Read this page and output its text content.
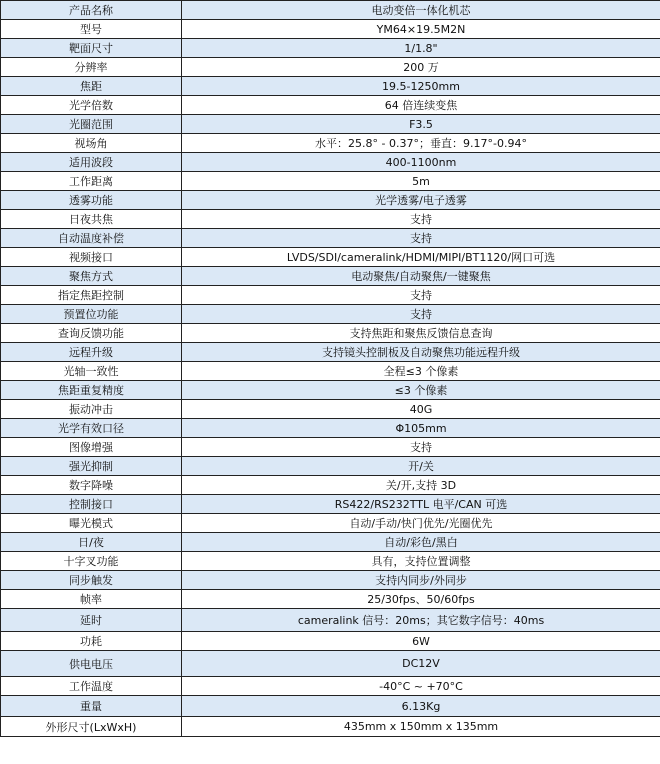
产品名称	电动变倍一体化机芯
型号	YM64×19.5M2N
靶面尺寸	1/1.8"
分辨率	200 万
焦距	19.5-1250mm
光学倍数	64 倍连续变焦
光圈范围	F3.5
视场角	水平：25.8° - 0.37°；垂直：9.17°-0.94°
适用波段	400-1100nm
工作距离	5m
透雾功能	光学透雾/电子透雾
日夜共焦	支持
自动温度补偿	支持
视频接口	LVDS/SDI/cameralink/HDMI/MIPI/BT1120/网口可选
聚焦方式	电动聚焦/自动聚焦/一键聚焦
指定焦距控制	支持
预置位功能	支持
查询反馈功能	支持焦距和聚焦反馈信息查询
远程升级	支持镜头控制板及自动聚焦功能远程升级
光轴一致性	全程≤3 个像素
焦距重复精度	≤3 个像素
振动冲击	40G
光学有效口径	Φ105mm
图像增强	支持
强光抑制	开/关
数字降噪	关/开,支持 3D
控制接口	RS422/RS232TTL 电平/CAN 可选
曝光模式	自动/手动/快门优先/光圈优先
日/夜	自动/彩色/黑白
十字叉功能	具有，支持位置调整
同步触发	支持内同步/外同步
帧率	25/30fps、50/60fps
延时	cameralink 信号：20ms；其它数字信号：40ms
功耗	6W
供电电压	DC12V
工作温度	-40°C ~ +70°C
重量	6.13Kg
外形尺寸(LxWxH)	435mm x 150mm x 135mm
